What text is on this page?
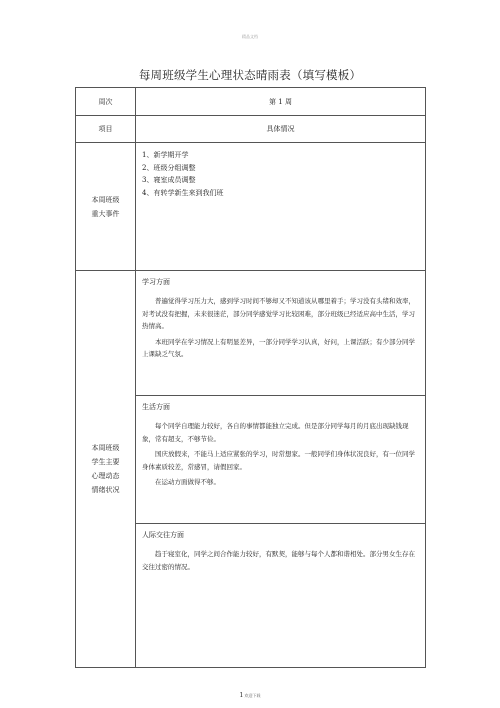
精品文档
每周班级学生心理状态晴雨表（填写模板）
周次	第 1 周
项目	具体情况
本周班级
重大事件
1、新学期开学
2、班级分组调整
3、寝室成员调整
4、有转学新生来到我们班
本周班级
学生主要
心理动态
情绪状况
学习方面

普遍觉得学习压力大，感到学习时间不够却又不知道该从哪里着手；学习没有头绪和效率，对考试没有把握，未来很迷茫，部分同学感觉学习比较困难，部分班级已经适应高中生活，学习热情高。

本班同学在学习情况上有明显差异，一部分同学学习认真，好问，上课活跃；有少部分同学上课缺乏气氛。

生活方面

每个同学自理能力较好，各自的事情都能独立完成。但是部分同学每月的月底出现缺钱现象，常有超支，不够节俭。

国庆放假来，不能马上适应紧张的学习，时常想家。一般同学们身体状况良好，有一位同学身体素质较差，常感冒，请假回家。

在运动方面做得不够。

人际交往方面

趋于寝室化，同学之间合作能力较好，有默契，能够与每个人都和谐相处。部分男女生存在交往过密的情况。

1 欢迎下载
